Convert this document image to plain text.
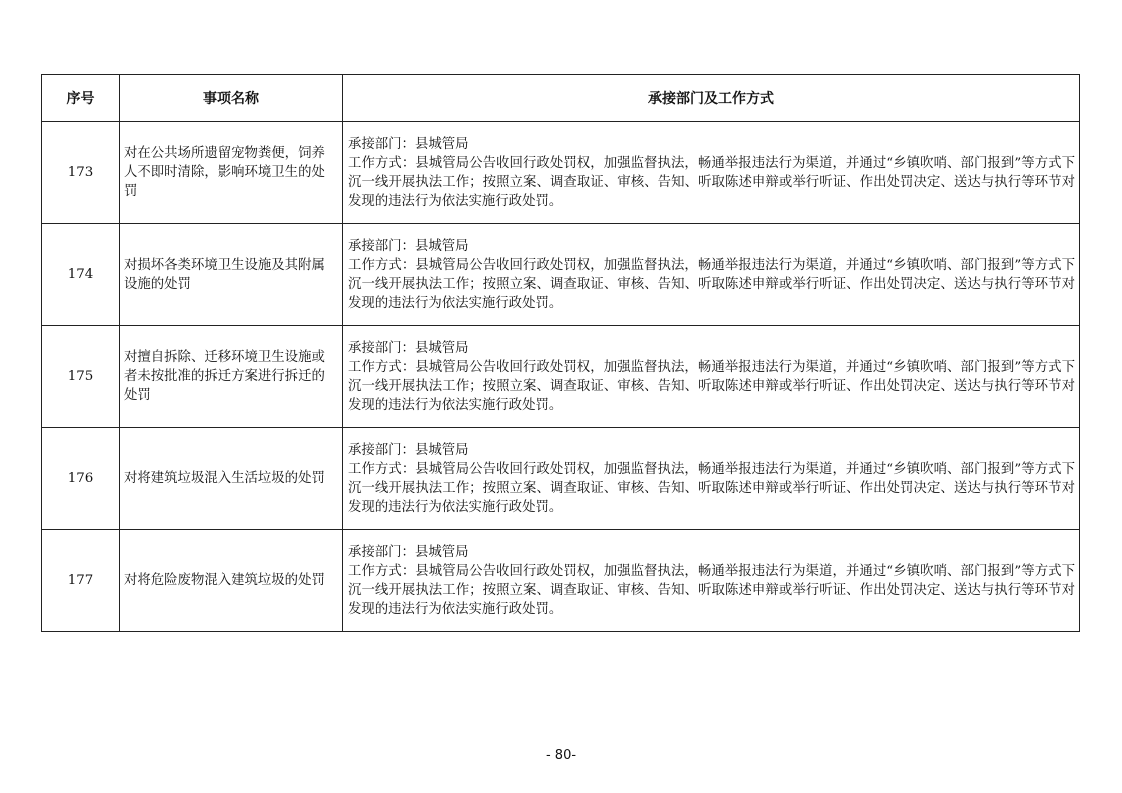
序号	事项名称	承接部门及工作方式
173	对在公共场所遗留宠物粪便，饲养人不即时清除，影响环境卫生的处罚	承接部门：县城管局
工作方式：县城管局公告收回行政处罚权，加强监督执法，畅通举报违法行为渠道，并通过“乡镇吹哨、部门报到”等方式下沉一线开展执法工作；按照立案、调查取证、审核、告知、听取陈述申辩或举行听证、作出处罚决定、送达与执行等环节对发现的违法行为依法实施行政处罚。

174	对损坏各类环境卫生设施及其附属设施的处罚	承接部门：县城管局
工作方式：县城管局公告收回行政处罚权，加强监督执法，畅通举报违法行为渠道，并通过“乡镇吹哨、部门报到”等方式下沉一线开展执法工作；按照立案、调查取证、审核、告知、听取陈述申辩或举行听证、作出处罚决定、送达与执行等环节对发现的违法行为依法实施行政处罚。

175	对擅自拆除、迁移环境卫生设施或者未按批准的拆迁方案进行拆迁的处罚	承接部门：县城管局
工作方式：县城管局公告收回行政处罚权，加强监督执法，畅通举报违法行为渠道，并通过“乡镇吹哨、部门报到”等方式下沉一线开展执法工作；按照立案、调查取证、审核、告知、听取陈述申辩或举行听证、作出处罚决定、送达与执行等环节对发现的违法行为依法实施行政处罚。

176	对将建筑垃圾混入生活垃圾的处罚	承接部门：县城管局
工作方式：县城管局公告收回行政处罚权，加强监督执法，畅通举报违法行为渠道，并通过“乡镇吹哨、部门报到”等方式下沉一线开展执法工作；按照立案、调查取证、审核、告知、听取陈述申辩或举行听证、作出处罚决定、送达与执行等环节对发现的违法行为依法实施行政处罚。

177	对将危险废物混入建筑垃圾的处罚	承接部门：县城管局
工作方式：县城管局公告收回行政处罚权，加强监督执法，畅通举报违法行为渠道，并通过“乡镇吹哨、部门报到”等方式下沉一线开展执法工作；按照立案、调查取证、审核、告知、听取陈述申辩或举行听证、作出处罚决定、送达与执行等环节对发现的违法行为依法实施行政处罚。
- 80-
